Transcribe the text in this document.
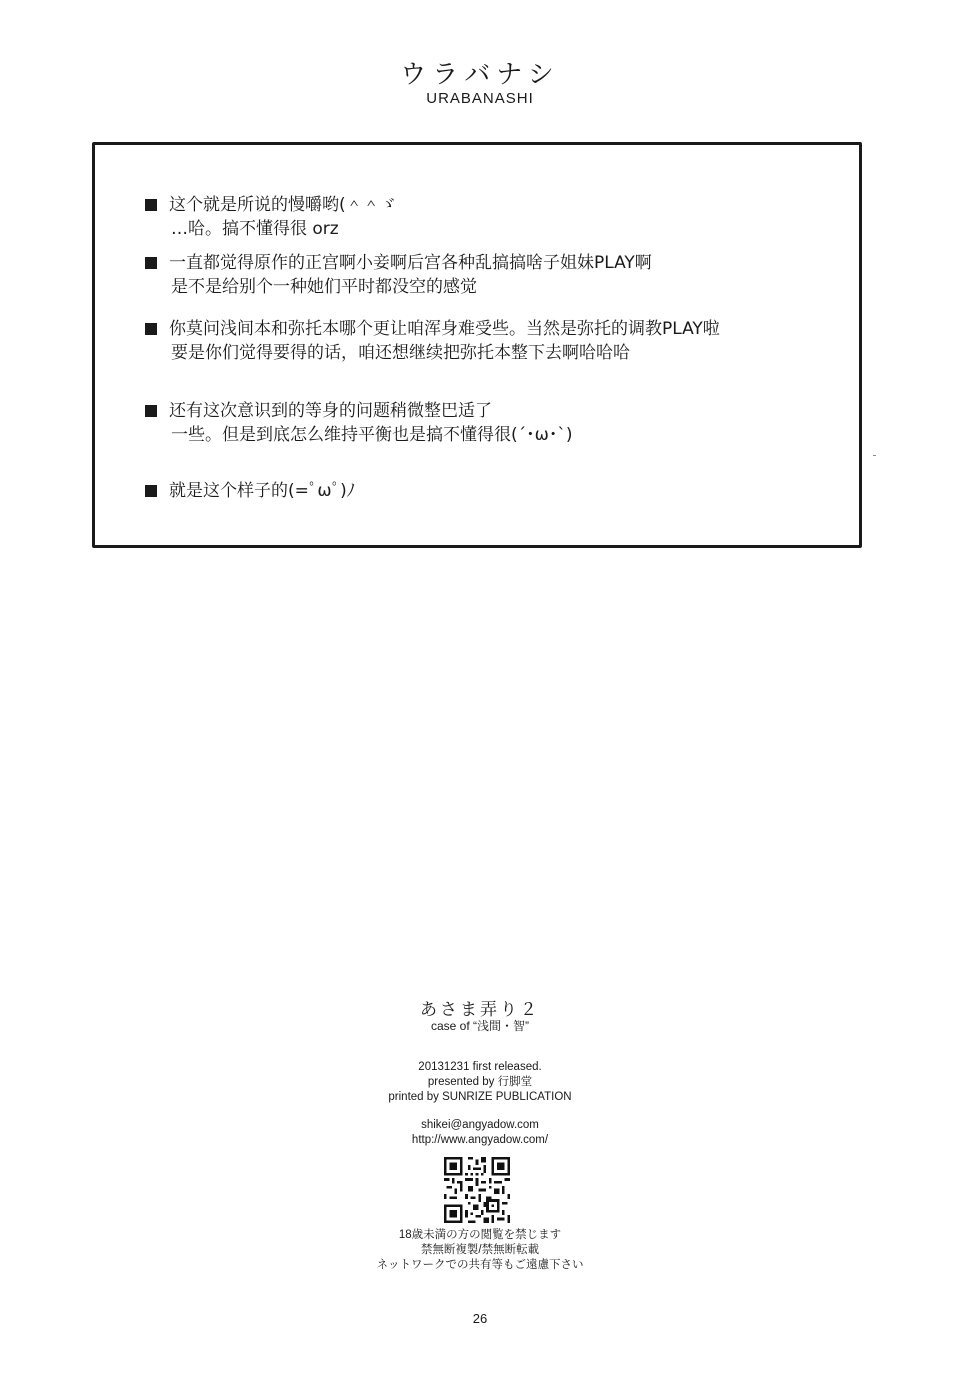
ウラバナシ
URABANASHI
这个就是所说的慢嚼哟(＾＾ゞ
…哈。搞不懂得很 orz
一直都觉得原作的正宫啊小妾啊后宫各种乱搞搞啥子姐妹PLAY啊
是不是给别个一种她们平时都没空的感觉
你莫问浅间本和弥托本哪个更让咱浑身难受些。当然是弥托的调教PLAY啦
要是你们觉得要得的话，咱还想继续把弥托本整下去啊哈哈哈
还有这次意识到的等身的问题稍微整巴适了
一些。但是到底怎么维持平衡也是搞不懂得很(´･ω･`)
就是这个样子的(=ﾟωﾟ)ﾉ
あさま弄り２
case of “浅間・智”
20131231 first released.
presented by 行脚堂
printed by SUNRIZE PUBLICATION
shikei@angyadow.com
http://www.angyadow.com/
18歳未満の方の閲覧を禁じます
禁無断複製/禁無断転載
ネットワークでの共有等もご遠慮下さい
26
